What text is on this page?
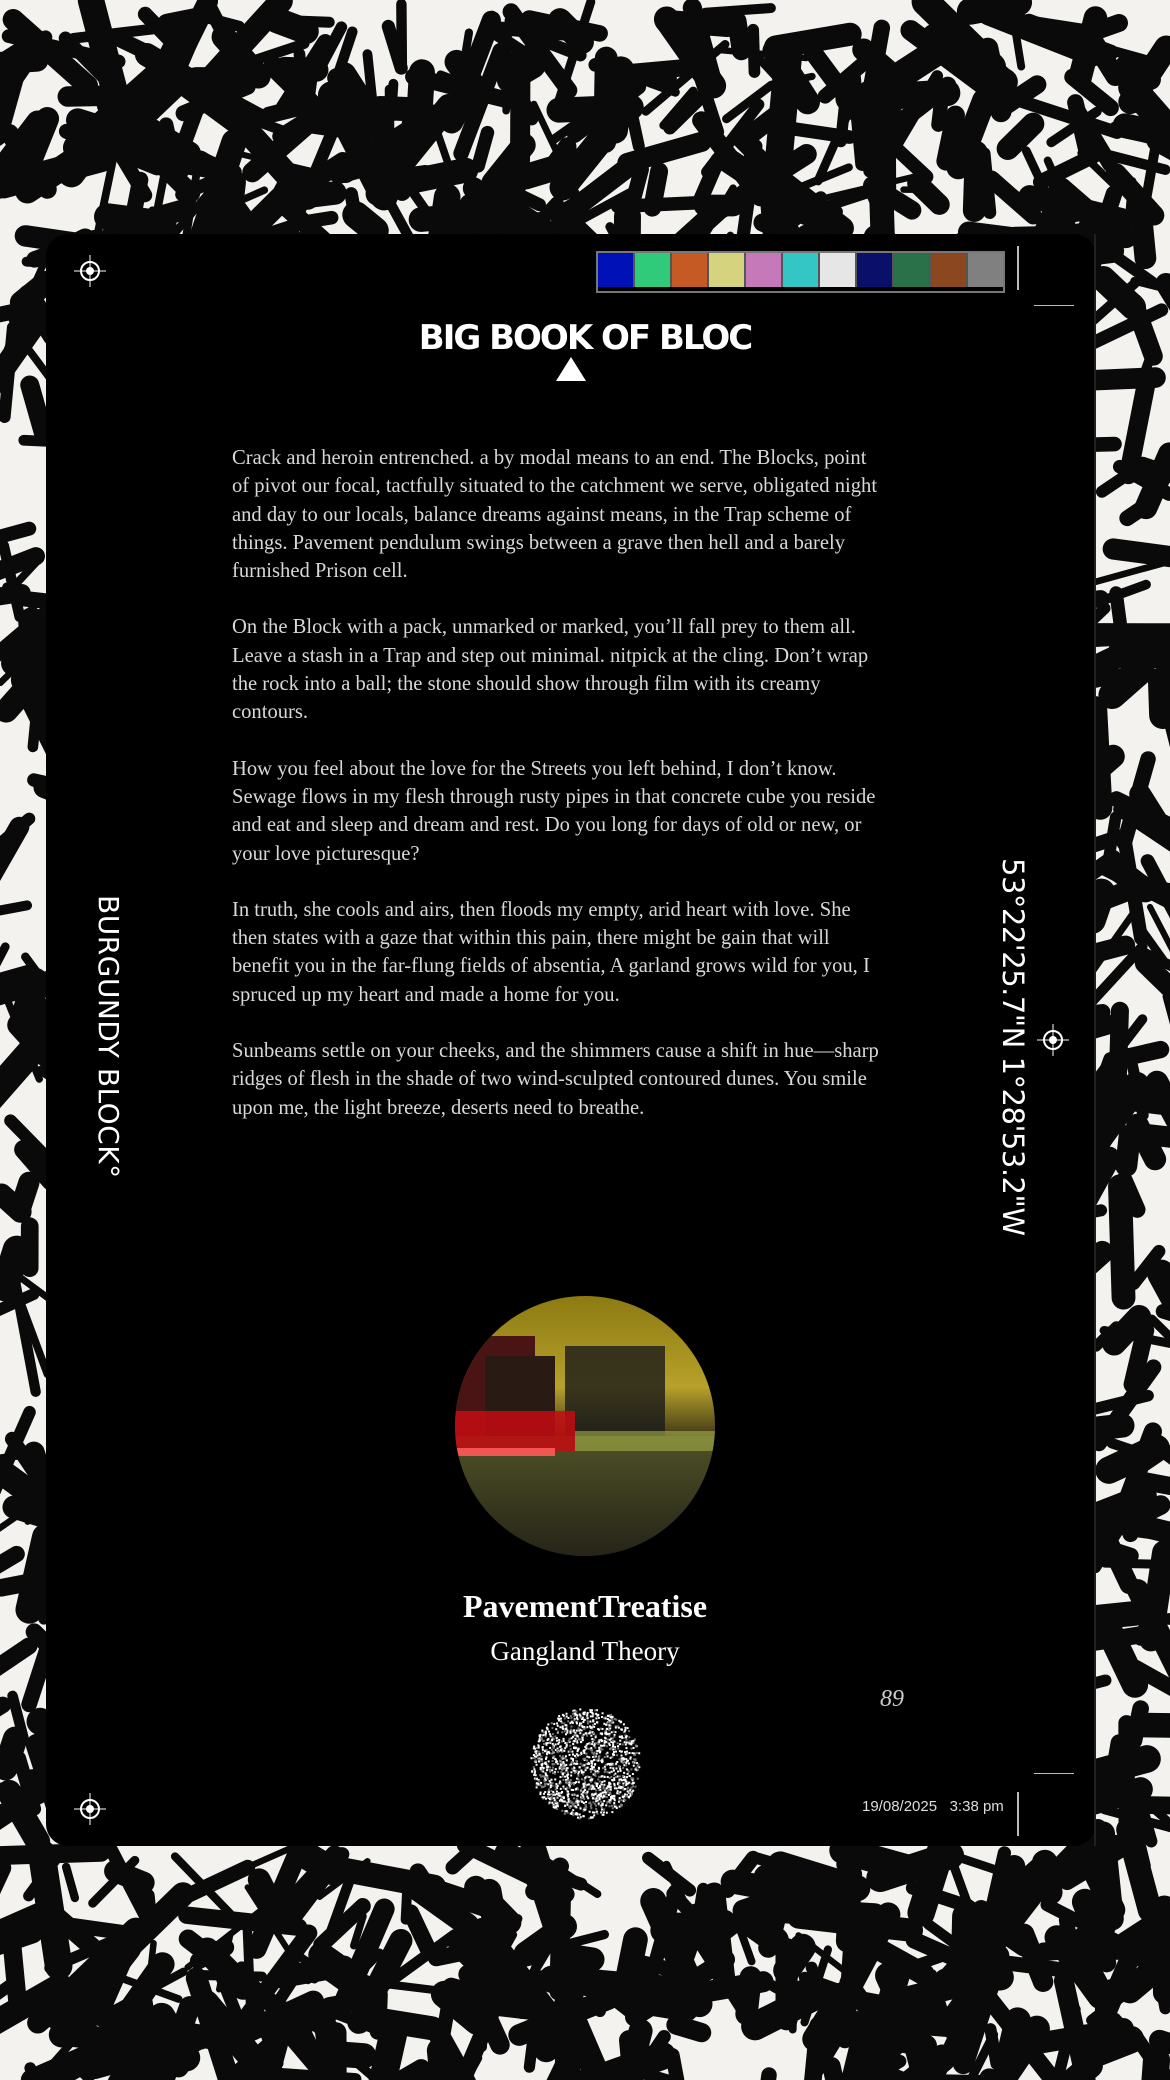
BIG BOOK OF BLOC

Crack and heroin entrenched. a by modal means to an end. The Blocks, point of pivot our focal, tactfully situated to the catchment we serve, obligated night and day to our locals, balance dreams against means, in the Trap scheme of things. Pavement pendulum swings between a grave then hell and a barely furnished Prison cell.

On the Block with a pack, unmarked or marked, you’ll fall prey to them all. Leave a stash in a Trap and step out minimal. nitpick at the cling. Don’t wrap the rock into a ball; the stone should show through film with its creamy contours.

How you feel about the love for the Streets you left behind, I don’t know. Sewage flows in my flesh through rusty pipes in that concrete cube you reside and eat and sleep and dream and rest. Do you long for days of old or new, or your love picturesque?

In truth, she cools and airs, then floods my empty, arid heart with love. She then states with a gaze that within this pain, there might be gain that will benefit you in the far-flung fields of absentia, A garland grows wild for you, I spruced up my heart and made a home for you.

Sunbeams settle on your cheeks, and the shimmers cause a shift in hue—sharp ridges of flesh in the shade of two wind-sculpted contoured dunes. You smile upon me, the light breeze, deserts need to breathe.

BURGUNDY BLOCK°	53°22'25.7"N 1°28'53.2"W
PavementTreatise
Gangland Theory
89
19/08/2025 3:38 pm
